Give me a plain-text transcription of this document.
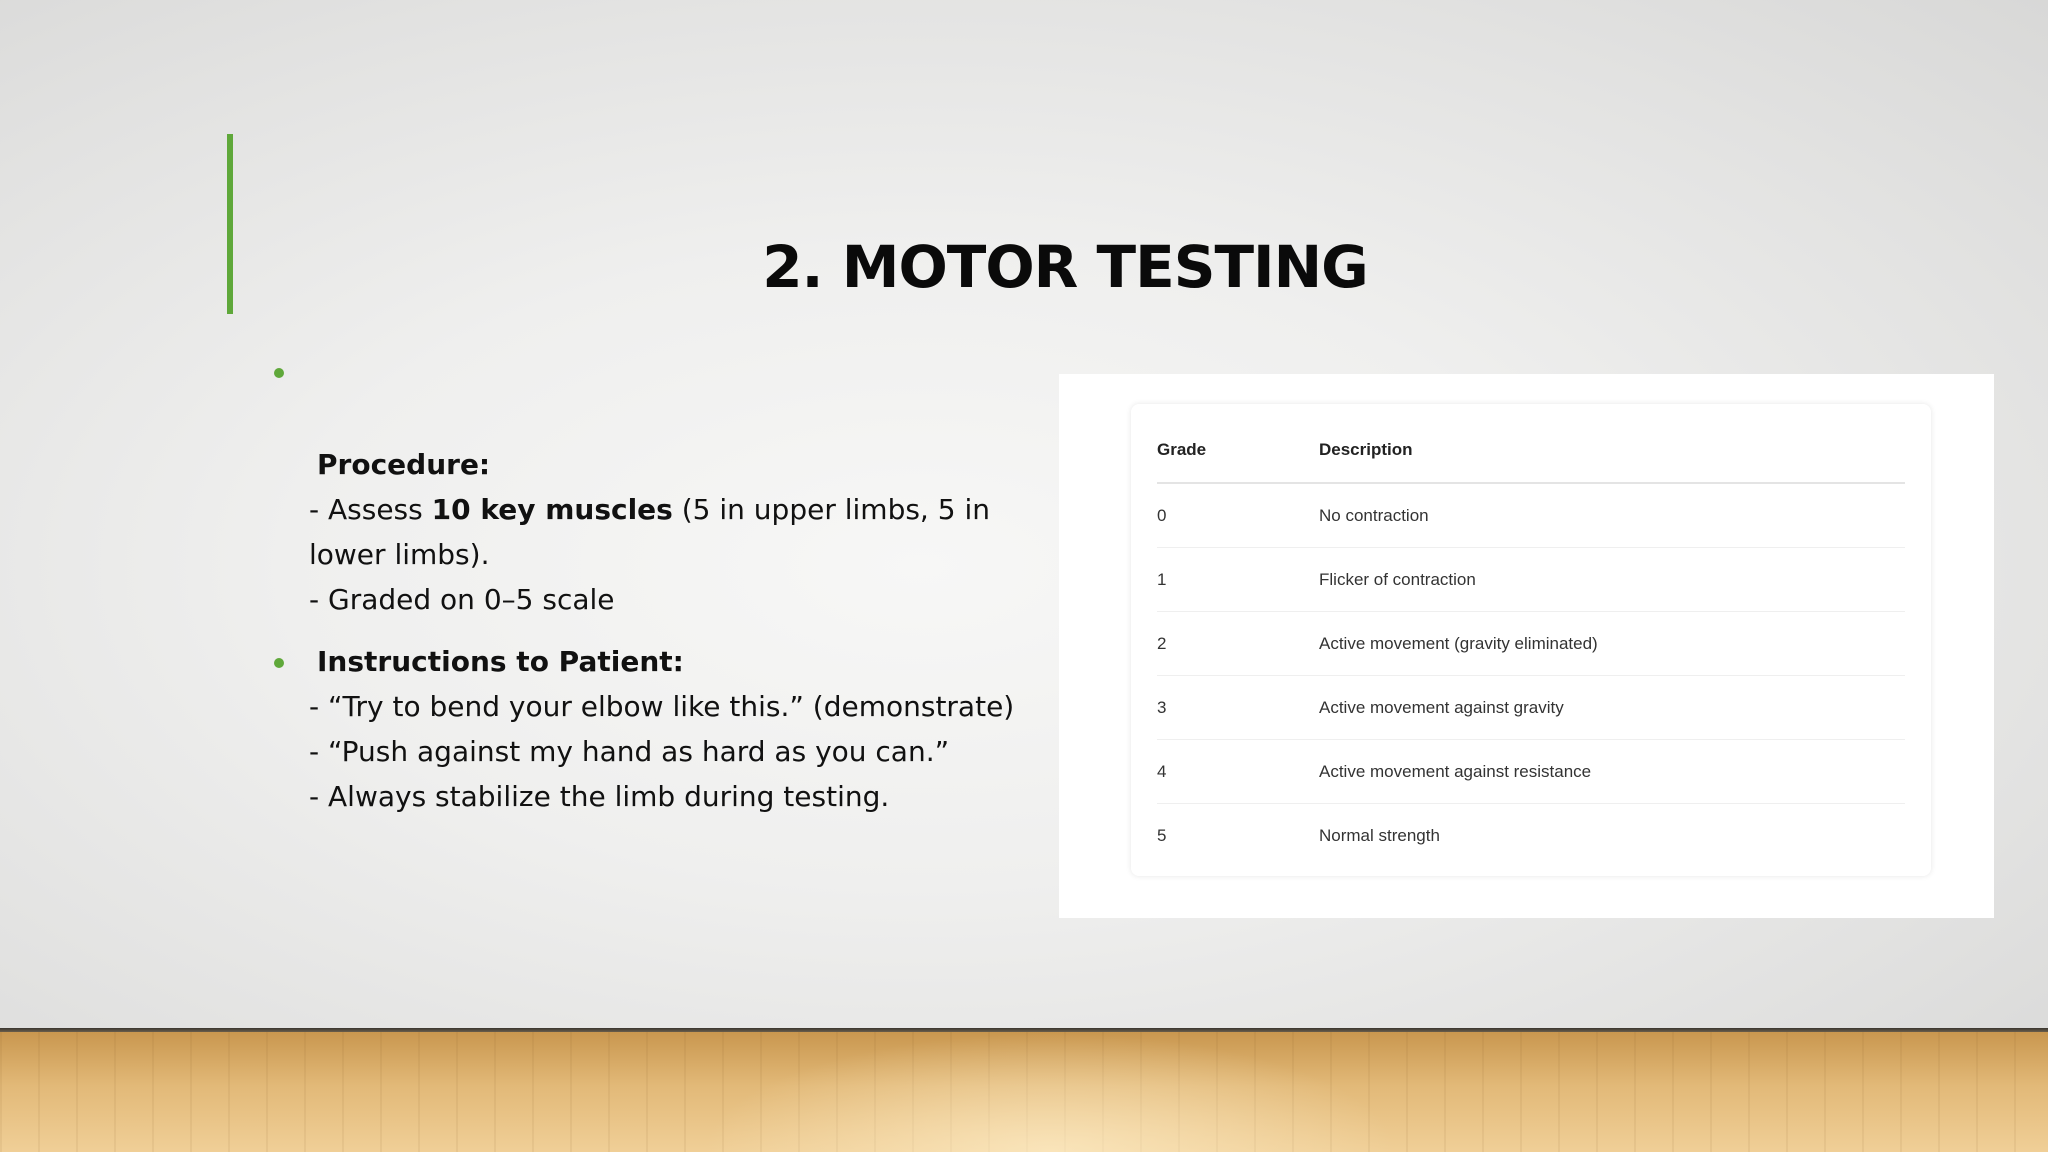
2. MOTOR TESTING
Procedure:
- Assess 10 key muscles (5 in upper limbs, 5 in lower limbs).
- Graded on 0–5 scale
Instructions to Patient:
- “Try to bend your elbow like this.” (demonstrate)
- “Push against my hand as hard as you can.”
- Always stabilize the limb during testing.
Grade	Description
0	No contraction
1	Flicker of contraction
2	Active movement (gravity eliminated)
3	Active movement against gravity
4	Active movement against resistance
5	Normal strength
